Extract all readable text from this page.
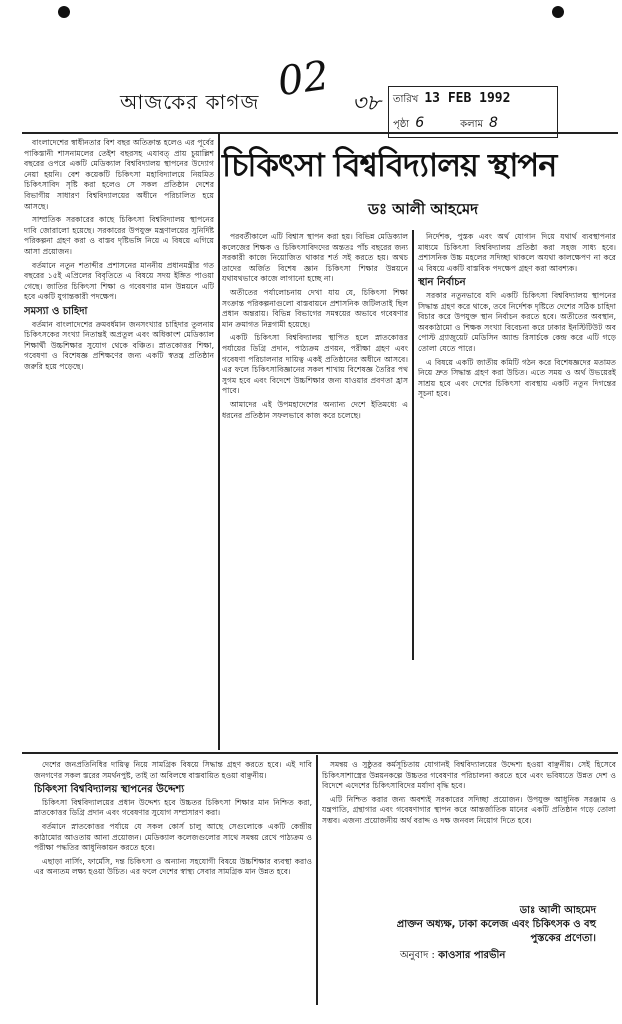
আজকের কাগজ 02 ৩৮ তারিখ 13 FEB 1992
পৃষ্ঠা 6	কলাম 8
চিকিৎসা বিশ্ববিদ্যালয় স্থাপন
ডঃ আলী আহমেদ

বাংলাদেশের স্বাধীনতার বিশ বছর অতিক্রান্ত হলেও এর পূর্বের পাকিস্তানী শাসনামলের তেইশ বছরসহ এযাবত্ প্রায় চুয়াল্লিশ বছরের ওপরে একটি মেডিক্যাল বিশ্ববিদ্যালয় স্থাপনের উদ্যোগ নেয়া হয়নি। বেশ কয়েকটি চিকিৎসা মহাবিদ্যালয়ে নিয়মিত চিকিৎসাবিদ সৃষ্টি করা হলেও সে সকল প্রতিষ্ঠান দেশের বিভাগীয় সাধারণ বিশ্ববিদ্যালয়ের অধীনে পরিচালিত হয়ে আসছে।

সাম্প্রতিক সরকারের কাছে চিকিৎসা বিশ্ববিদ্যালয় স্থাপনের দাবি জোরালো হয়েছে। সরকারের উপযুক্ত মন্ত্রণালয়ের সুনির্দিষ্ট পরিকল্পনা গ্রহণ করা ও বাস্তব দৃষ্টিভঙ্গি নিয়ে এ বিষয়ে এগিয়ে আসা প্রয়োজন।

বর্তমানে নতুন শতাব্দীর প্রশাসনের মাননীয় প্রধানমন্ত্রীর গত বছরের ১৫ই এপ্রিলের বিবৃতিতে এ বিষয়ে সদয় ইঙ্গিত পাওয়া গেছে। জাতির চিকিৎসা শিক্ষা ও গবেষণার মান উন্নয়নে এটি হবে একটি যুগান্তকারী পদক্ষেপ।

সমস্যা ও চাহিদা

বর্তমান বাংলাদেশের ক্রমবর্ধমান জনসংখ্যার চাহিদার তুলনায় চিকিৎসকের সংখ্যা নিতান্তই অপ্রতুল এবং অধিকাংশ মেডিক্যাল শিক্ষার্থী উচ্চশিক্ষার সুযোগ থেকে বঞ্চিত। স্নাতকোত্তর শিক্ষা, গবেষণা ও বিশেষজ্ঞ প্রশিক্ষণের জন্য একটি স্বতন্ত্র প্রতিষ্ঠান জরুরি হয়ে পড়েছে।

পরবর্তীকালে এটি বিশ্বাস স্থাপন করা হয়। বিভিন্ন মেডিক্যাল কলেজের শিক্ষক ও চিকিৎসাবিদদের অন্ততঃ পাঁচ বছরের জন্য সরকারী কাজে নিয়োজিত থাকার শর্ত সই করতে হয়। অথচ তাদের অর্জিত বিশেষ জ্ঞান চিকিৎসা শিক্ষার উন্নয়নে যথাযথভাবে কাজে লাগানো হচ্ছে না।

অতীতের পর্যালোচনায় দেখা যায় যে, চিকিৎসা শিক্ষা সংক্রান্ত পরিকল্পনাগুলো বাস্তবায়নে প্রশাসনিক জটিলতাই ছিল প্রধান অন্তরায়। বিভিন্ন বিভাগের সমন্বয়ের অভাবে গবেষণার মান ক্রমাগত নিম্নগামী হয়েছে।

একটি চিকিৎসা বিশ্ববিদ্যালয় স্থাপিত হলে স্নাতকোত্তর পর্যায়ের ডিগ্রি প্রদান, পাঠ্যক্রম প্রণয়ন, পরীক্ষা গ্রহণ এবং গবেষণা পরিচালনার দায়িত্ব একই প্রতিষ্ঠানের অধীনে আসবে। এর ফলে চিকিৎসাবিজ্ঞানের সকল শাখায় বিশেষজ্ঞ তৈরির পথ সুগম হবে এবং বিদেশে উচ্চশিক্ষার জন্য যাওয়ার প্রবণতা হ্রাস পাবে।

আমাদের এই উপমহাদেশের অন্যান্য দেশে ইতিমধ্যে এ ধরনের প্রতিষ্ঠান সফলভাবে কাজ করে চলেছে।

নির্দেশক, পুস্তক এবং অর্থ যোগান দিয়ে যথার্থ ব্যবস্থাপনার মাধ্যমে চিকিৎসা বিশ্ববিদ্যালয় প্রতিষ্ঠা করা সহজ সাধ্য হবে। প্রশাসনিক উচ্চ মহলের সদিচ্ছা থাকলে অযথা কালক্ষেপণ না করে এ বিষয়ে একটি বাস্তবিক পদক্ষেপ গ্রহণ করা আবশ্যক।

স্থান নির্বাচন

সরকার নতুনভাবে যদি একটি চিকিৎসা বিশ্ববিদ্যালয় স্থাপনের সিদ্ধান্ত গ্রহণ করে থাকে, তবে নির্দেশক দৃষ্টিতে দেশের সঠিক চাহিদা বিচার করে উপযুক্ত স্থান নির্বাচন করতে হবে। অতীতের অবস্থান, অবকাঠামো ও শিক্ষক সংখ্যা বিবেচনা করে ঢাকার ইনস্টিটিউট অব পোস্ট গ্র্যাজুয়েট মেডিসিন অ্যান্ড রিসার্চকে কেন্দ্র করে এটি গড়ে তোলা যেতে পারে।

এ বিষয়ে একটি জাতীয় কমিটি গঠন করে বিশেষজ্ঞদের মতামত নিয়ে দ্রুত সিদ্ধান্ত গ্রহণ করা উচিত। এতে সময় ও অর্থ উভয়েরই সাশ্রয় হবে এবং দেশের চিকিৎসা ব্যবস্থায় একটি নতুন দিগন্তের সূচনা হবে।

দেশের জনপ্রতিনিধির দায়িত্ব নিয়ে সামগ্রিক বিষয়ে সিদ্ধান্ত গ্রহণ করতে হবে। এই দাবি জনগণের সকল স্তরের সমর্থনপুষ্ট, তাই তা অবিলম্বে বাস্তবায়িত হওয়া বাঞ্ছনীয়।

চিকিৎসা বিশ্ববিদ্যালয় স্থাপনের উদ্দেশ্য

চিকিৎসা বিশ্ববিদ্যালয়ের প্রধান উদ্দেশ্য হবে উচ্চতর চিকিৎসা শিক্ষার মান নিশ্চিত করা, স্নাতকোত্তর ডিগ্রি প্রদান এবং গবেষণার সুযোগ সম্প্রসারণ করা।

বর্তমানে স্নাতকোত্তর পর্যায়ে যে সকল কোর্স চালু আছে সেগুলোকে একটি কেন্দ্রীয় কাঠামোর আওতায় আনা প্রয়োজন। মেডিক্যাল কলেজগুলোর সাথে সমন্বয় রেখে পাঠ্যক্রম ও পরীক্ষা পদ্ধতির আধুনিকায়ন করতে হবে।

এছাড়া নার্সিং, ফার্মেসি, দন্ত চিকিৎসা ও অন্যান্য সহযোগী বিষয়ে উচ্চশিক্ষার ব্যবস্থা করাও এর অন্যতম লক্ষ্য হওয়া উচিত। এর ফলে দেশের স্বাস্থ্য সেবার সামগ্রিক মান উন্নত হবে।

সমন্বয় ও সুষ্ঠুতর কর্মসূচিতায় যোগানই বিশ্ববিদ্যালয়ের উদ্দেশ্য হওয়া বাঞ্ছনীয়। সেই হিসেবে চিকিৎসাশাস্ত্রের উন্নয়নকল্পে উচ্চতর গবেষণার পরিচালনা করতে হবে এবং ভবিষ্যতে উন্নত দেশ ও বিদেশে এদেশের চিকিৎসাবিদের মর্যাদা বৃদ্ধি হবে।

এটি নিশ্চিত করার জন্য অবশ্যই সরকারের সদিচ্ছা প্রয়োজন। উপযুক্ত আধুনিক সরঞ্জাম ও যন্ত্রপাতি, গ্রন্থাগার এবং গবেষণাগার স্থাপন করে আন্তর্জাতিক মানের একটি প্রতিষ্ঠান গড়ে তোলা সম্ভব। এজন্য প্রয়োজনীয় অর্থ বরাদ্দ ও দক্ষ জনবল নিয়োগ দিতে হবে।

ডাঃ আলী আহমেদ
প্রাক্তন অধ্যক্ষ, ঢাকা কলেজ এবং চিকিৎসক ও বহু
পুস্তকের প্রণেতা।
অনুবাদ : কাওসার পারভীন
